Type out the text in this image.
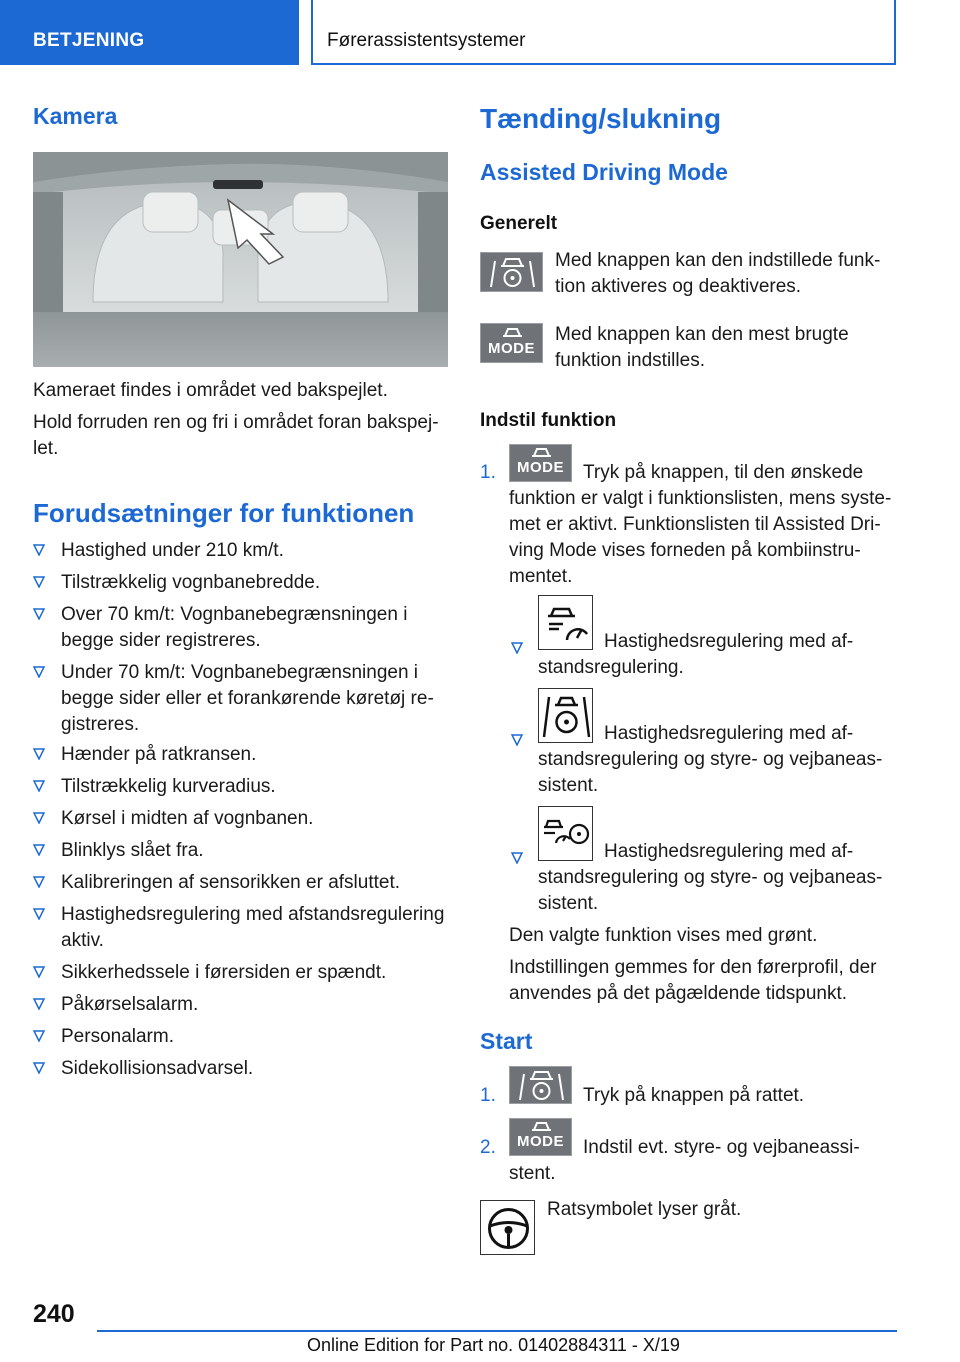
BETJENING	Førerassistentsystemer
Kamera
Kameraet findes i området ved bakspejlet.
Hold forruden ren og fri i området foran bakspej-
let.
Forudsætninger for funktionen
Hastighed under 210 km/t.
Tilstrækkelig vognbanebredde.
Over 70 km/t: Vognbanebegrænsningen i
begge sider registreres.
Under 70 km/t: Vognbanebegrænsningen i
begge sider eller et forankørende køretøj re-
gistreres.
Hænder på ratkransen.
Tilstrækkelig kurveradius.
Kørsel i midten af vognbanen.
Blinklys slået fra.
Kalibreringen af sensorikken er afsluttet.
Hastighedsregulering med afstandsregulering
aktiv.
Sikkerhedssele i førersiden er spændt.
Påkørselsalarm.
Personalarm.
Sidekollisionsadvarsel.
Tænding/slukning
Assisted Driving Mode
Generelt
Med knappen kan den indstillede funk-
tion aktiveres og deaktiveres.
MODE
Med knappen kan den mest brugte
funktion indstilles.
Indstil funktion
1.	MODE	Tryk på knappen, til den ønskede
funktion er valgt i funktionslisten, mens syste-
met er aktivt. Funktionslisten til Assisted Dri-
ving Mode vises forneden på kombiinstru-
mentet.
Hastighedsregulering med af-
standsregulering.
Hastighedsregulering med af-
standsregulering og styre- og vejbaneas-
sistent.
Hastighedsregulering med af-
standsregulering og styre- og vejbaneas-
sistent.
Den valgte funktion vises med grønt.
Indstillingen gemmes for den førerprofil, der
anvendes på det pågældende tidspunkt.
Start
1.	Tryk på knappen på rattet.
2.	MODE	Indstil evt. styre- og vejbaneassi-
stent.
Ratsymbolet lyser gråt.
240
Online Edition for Part no. 01402884311 - X/19
